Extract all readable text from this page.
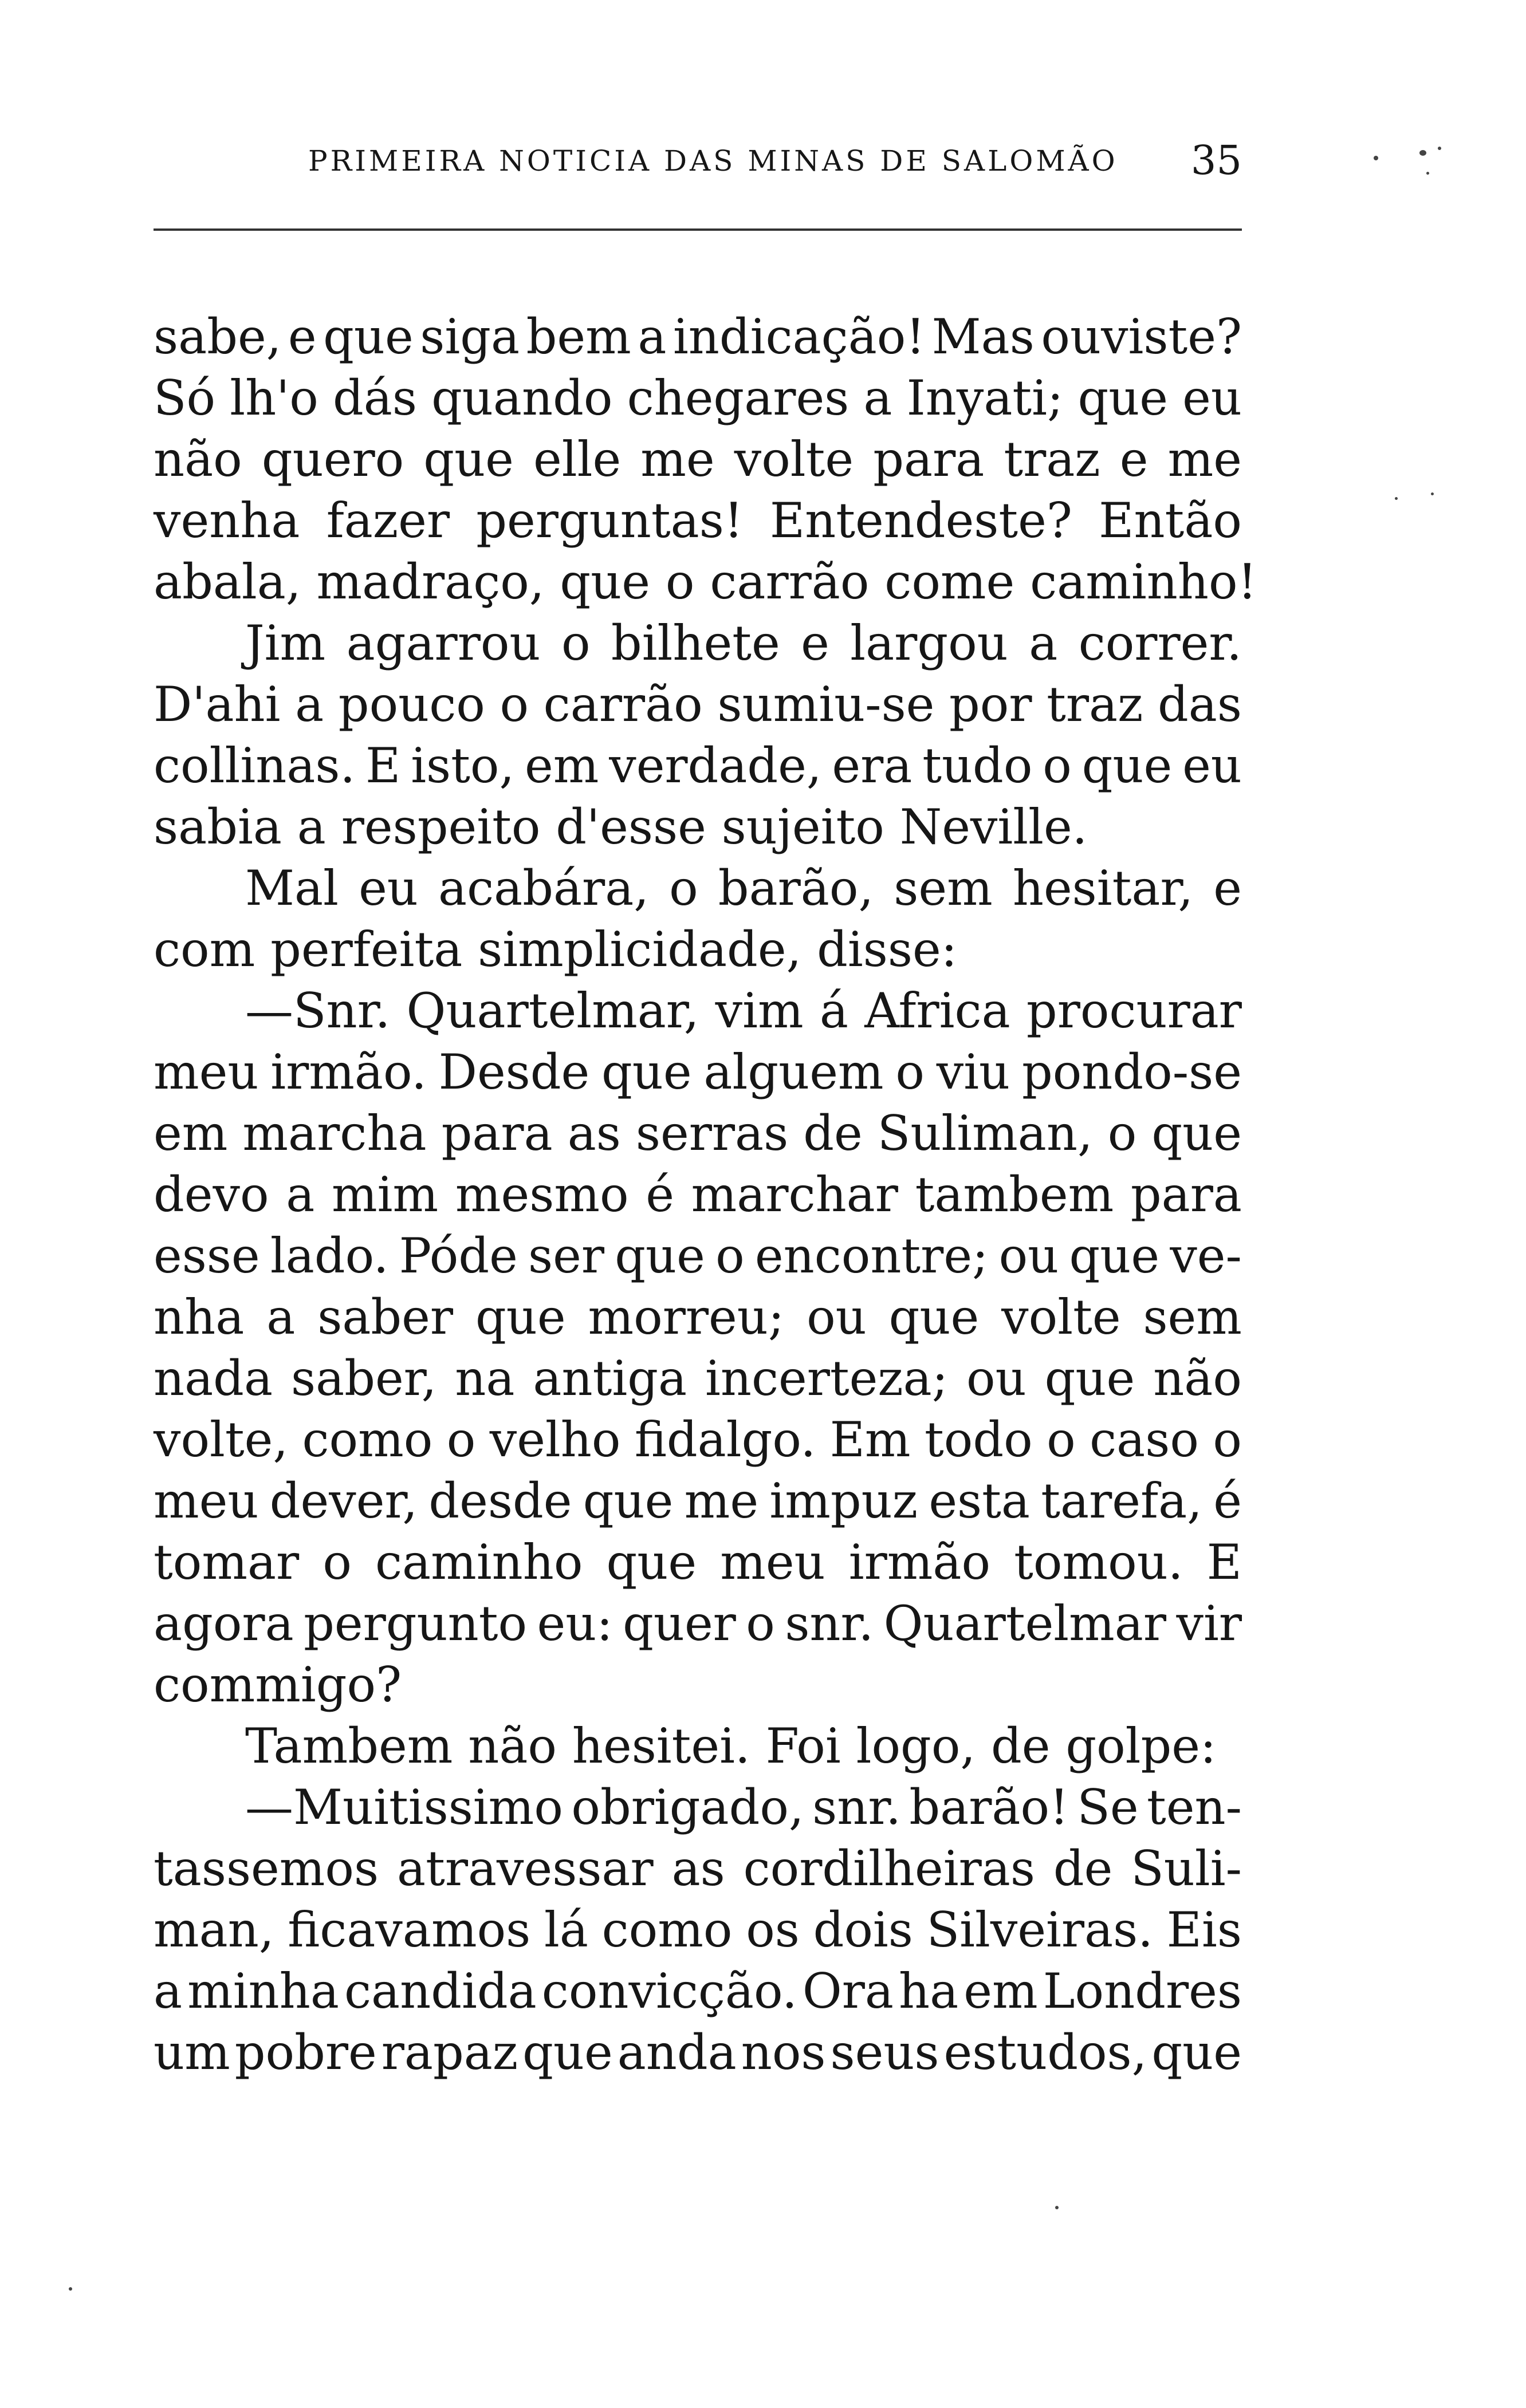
PRIMEIRA NOTICIA DAS MINAS DE SALOMÃO 35
sabe, e que siga bem a indicação! Mas ouviste?
Só lh'o dás quando chegares a Inyati; que eu
não quero que elle me volte para traz e me
venha fazer perguntas! Entendeste? Então
abala, madraço, que o carrão come caminho!
Jim agarrou o bilhete e largou a correr.
D'ahi a pouco o carrão sumiu-se por traz das
collinas. E isto, em verdade, era tudo o que eu
sabia a respeito d'esse sujeito Neville.
Mal eu acabára, o barão, sem hesitar, e
com perfeita simplicidade, disse:
—Snr. Quartelmar, vim á Africa procurar
meu irmão. Desde que alguem o viu pondo-se
em marcha para as serras de Suliman, o que
devo a mim mesmo é marchar tambem para
esse lado. Póde ser que o encontre; ou que ve-
nha a saber que morreu; ou que volte sem
nada saber, na antiga incerteza; ou que não
volte, como o velho fidalgo. Em todo o caso o
meu dever, desde que me impuz esta tarefa, é
tomar o caminho que meu irmão tomou. E
agora pergunto eu: quer o snr. Quartelmar vir
commigo?
Tambem não hesitei. Foi logo, de golpe:
—Muitissimo obrigado, snr. barão! Se ten-
tassemos atravessar as cordilheiras de Suli-
man, ficavamos lá como os dois Silveiras. Eis
a minha candida convicção. Ora ha em Londres
um pobre rapaz que anda nos seus estudos, que
